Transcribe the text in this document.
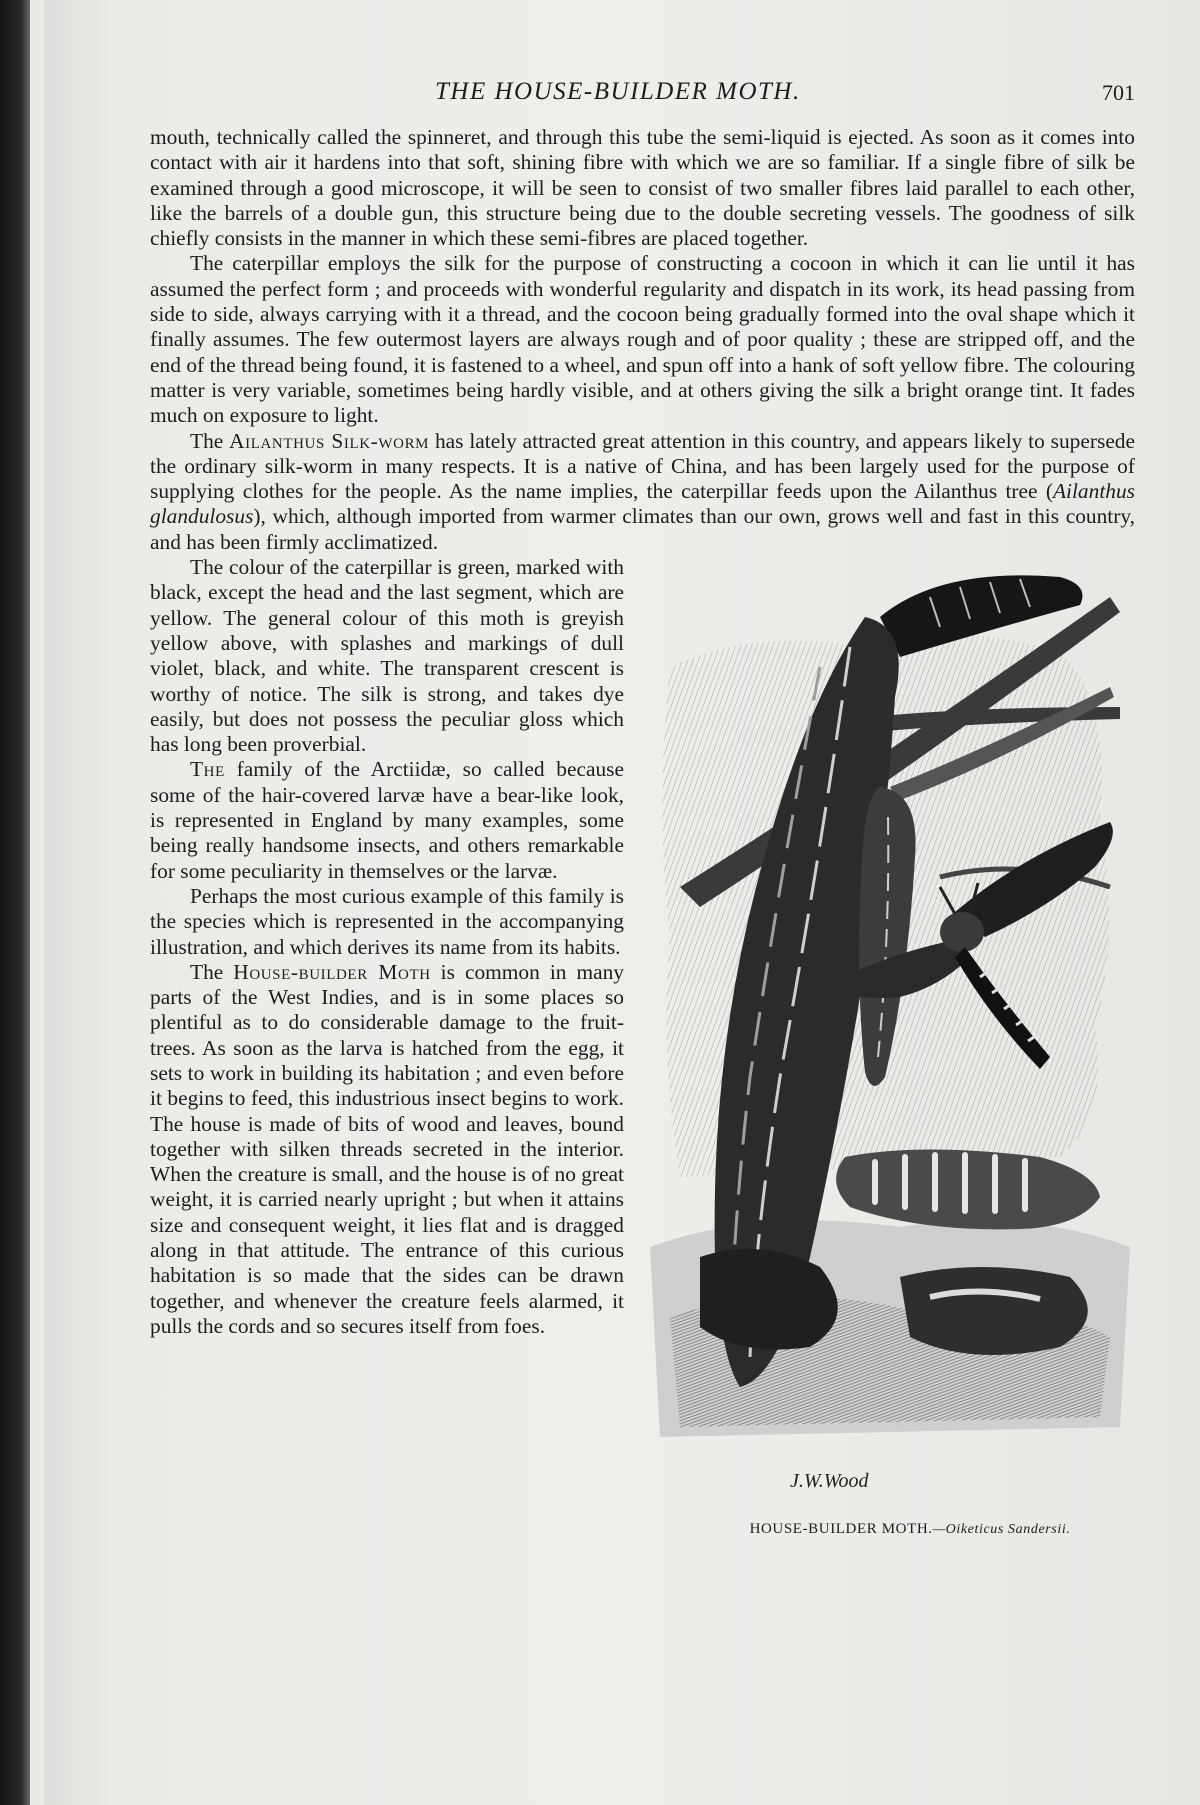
THE HOUSE-BUILDER MOTH.	701

mouth, technically called the spinneret, and through this tube the semi-liquid is ejected. As soon as it comes into contact with air it hardens into that soft, shining fibre with which we are so familiar. If a single fibre of silk be examined through a good microscope, it will be seen to consist of two smaller fibres laid parallel to each other, like the barrels of a double gun, this structure being due to the double secreting vessels. The goodness of silk chiefly consists in the manner in which these semi-fibres are placed together.

The caterpillar employs the silk for the purpose of constructing a cocoon in which it can lie until it has assumed the perfect form ; and proceeds with wonderful regularity and dispatch in its work, its head passing from side to side, always carrying with it a thread, and the cocoon being gradually formed into the oval shape which it finally assumes. The few outermost layers are always rough and of poor quality ; these are stripped off, and the end of the thread being found, it is fastened to a wheel, and spun off into a hank of soft yellow fibre. The colouring matter is very variable, sometimes being hardly visible, and at others giving the silk a bright orange tint. It fades much on exposure to light.

The Ailanthus Silk-worm has lately attracted great attention in this country, and appears likely to supersede the ordinary silk-worm in many respects. It is a native of China, and has been largely used for the purpose of supplying clothes for the people. As the name implies, the caterpillar feeds upon the Ailanthus tree (Ailanthus glandulosus), which, although imported from warmer climates than our own, grows well and fast in this country, and has been firmly acclimatized.

J.W.Wood
HOUSE-BUILDER MOTH.—Oiketicus Sandersii.

The colour of the caterpillar is green, marked with black, except the head and the last segment, which are yellow. The general colour of this moth is greyish yellow above, with splashes and markings of dull violet, black, and white. The transparent crescent is worthy of notice. The silk is strong, and takes dye easily, but does not possess the peculiar gloss which has long been proverbial.

The family of the Arctiidæ, so called because some of the hair-covered larvæ have a bear-like look, is represented in England by many examples, some being really handsome insects, and others remarkable for some peculiarity in themselves or the larvæ.

Perhaps the most curious example of this family is the species which is represented in the accompanying illustration, and which derives its name from its habits.

The House-builder Moth is common in many parts of the West Indies, and is in some places so plentiful as to do considerable damage to the fruit-trees. As soon as the larva is hatched from the egg, it sets to work in building its habitation ; and even before it begins to feed, this industrious insect begins to work. The house is made of bits of wood and leaves, bound together with silken threads secreted in the interior. When the creature is small, and the house is of no great weight, it is carried nearly upright ; but when it attains size and consequent weight, it lies flat and is dragged along in that attitude. The entrance of this curious habitation is so made that the sides can be drawn together, and whenever the creature feels alarmed, it pulls the cords and so secures itself from foes.
